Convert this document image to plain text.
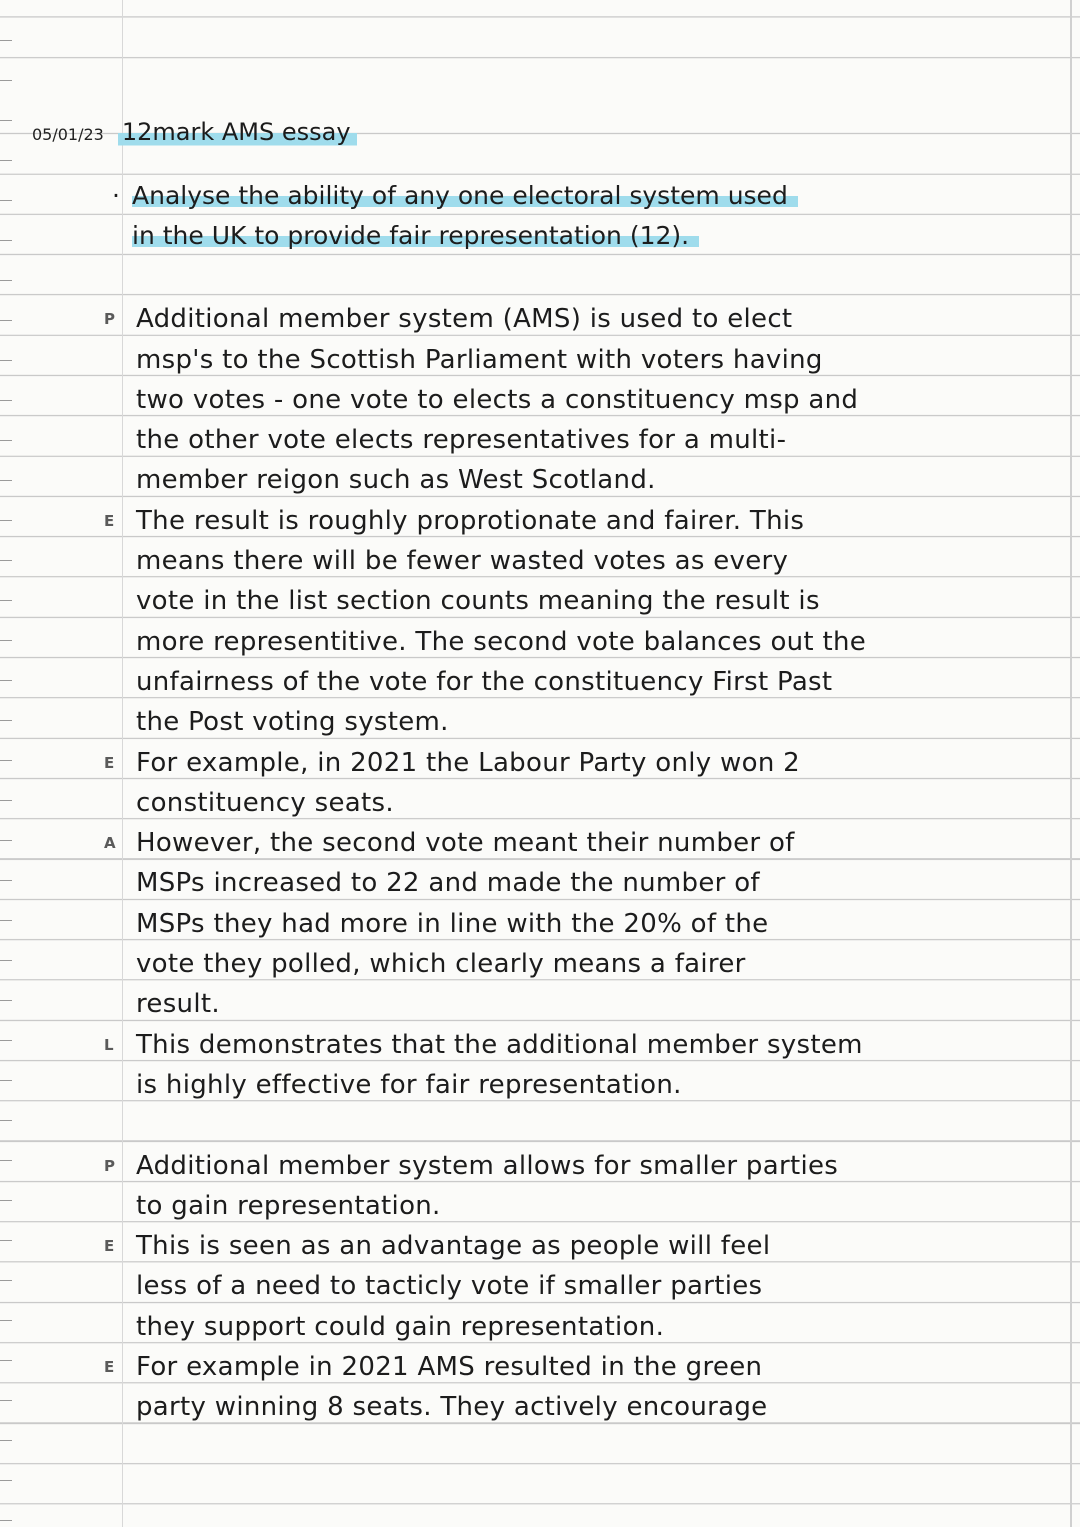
05/01/23 12mark AMS essay
· Analyse the ability of any one electoral system used
in the UK to provide fair representation (12).
P Additional member system (AMS) is used to elect
msp's to the Scottish Parliament with voters having
two votes - one vote to elects a constituency msp and
the other vote elects representatives for a multi-
member reigon such as West Scotland.
E The result is roughly proprotionate and fairer. This
means there will be fewer wasted votes as every
vote in the list section counts meaning the result is
more representitive. The second vote balances out the
unfairness of the vote for the constituency First Past
the Post voting system.
E For example, in 2021 the Labour Party only won 2
constituency seats.
A However, the second vote meant their number of
MSPs increased to 22 and made the number of
MSPs they had more in line with the 20% of the
vote they polled, which clearly means a fairer
result.
L This demonstrates that the additional member system
is highly effective for fair representation.
P Additional member system allows for smaller parties
to gain representation.
E This is seen as an advantage as people will feel
less of a need to tacticly vote if smaller parties
they support could gain representation.
E For example in 2021 AMS resulted in the green
party winning 8 seats. They actively encourage
